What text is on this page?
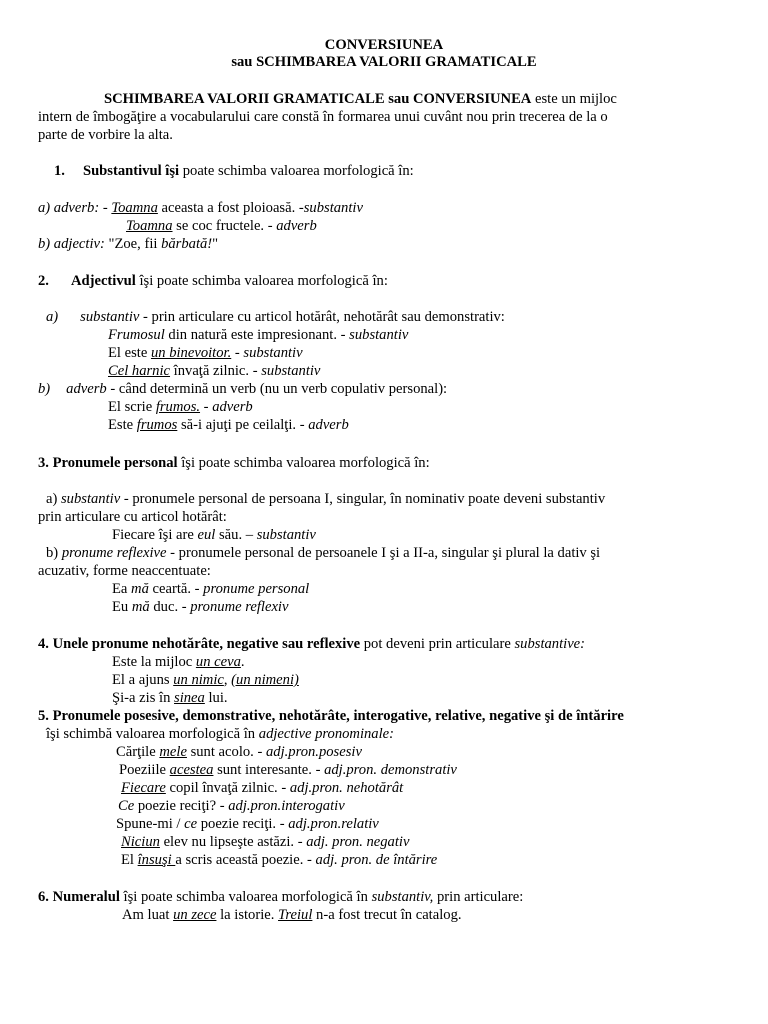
CONVERSIUNEA
sau SCHIMBAREA VALORII GRAMATICALE
SCHIMBAREA VALORII GRAMATICALE sau CONVERSIUNEA este un mijloc
intern de îmbogăţire a vocabularului care constă în formarea unui cuvânt nou prin trecerea de la o
parte de vorbire la alta.
1. Substantivul îşi poate schimba valoarea morfologică în:
a) adverb: - Toamna aceasta a fost ploioasă. -substantiv
Toamna se coc fructele. - adverb
b) adjectiv: "Zoe, fii bărbată!"
2. Adjectivul îşi poate schimba valoarea morfologică în:
a) substantiv - prin articulare cu articol hotărât, nehotărât sau demonstrativ:
Frumosul din natură este impresionant. - substantiv
El este un binevoitor. - substantiv
Cel harnic învaţă zilnic. - substantiv
b) adverb - când determină un verb (nu un verb copulativ personal):
El scrie frumos. - adverb
Este frumos să-i ajuţi pe ceilalţi. - adverb
3. Pronumele personal îşi poate schimba valoarea morfologică în:
a) substantiv - pronumele personal de persoana I, singular, în nominativ poate deveni substantiv
prin articulare cu articol hotărât:
Fiecare îşi are eul său. – substantiv
b) pronume reflexive - pronumele personal de persoanele I şi a II-a, singular şi plural la dativ şi
acuzativ, forme neaccentuate:
Ea mă ceartă. - pronume personal
Eu mă duc. - pronume reflexiv
4. Unele pronume nehotărâte, negative sau reflexive pot deveni prin articulare substantive:
Este la mijloc un ceva.
El a ajuns un nimic, (un nimeni)
Şi-a zis în sinea lui.
5. Pronumele posesive, demonstrative, nehotărâte, interogative, relative, negative şi de întărire
îşi schimbă valoarea morfologică în adjective pronominale:
Cărţile mele sunt acolo. - adj.pron.posesiv
Poeziile acestea sunt interesante. - adj.pron. demonstrativ
Fiecare copil învaţă zilnic. - adj.pron. nehotărât
Ce poezie reciţi? - adj.pron.interogativ
Spune-mi / ce poezie reciţi. - adj.pron.relativ
Niciun elev nu lipseşte astăzi. - adj. pron. negativ
El însuşi a scris această poezie. - adj. pron. de întărire
6. Numeralul îşi poate schimba valoarea morfologică în substantiv, prin articulare:
Am luat un zece la istorie. Treiul n-a fost trecut în catalog.
